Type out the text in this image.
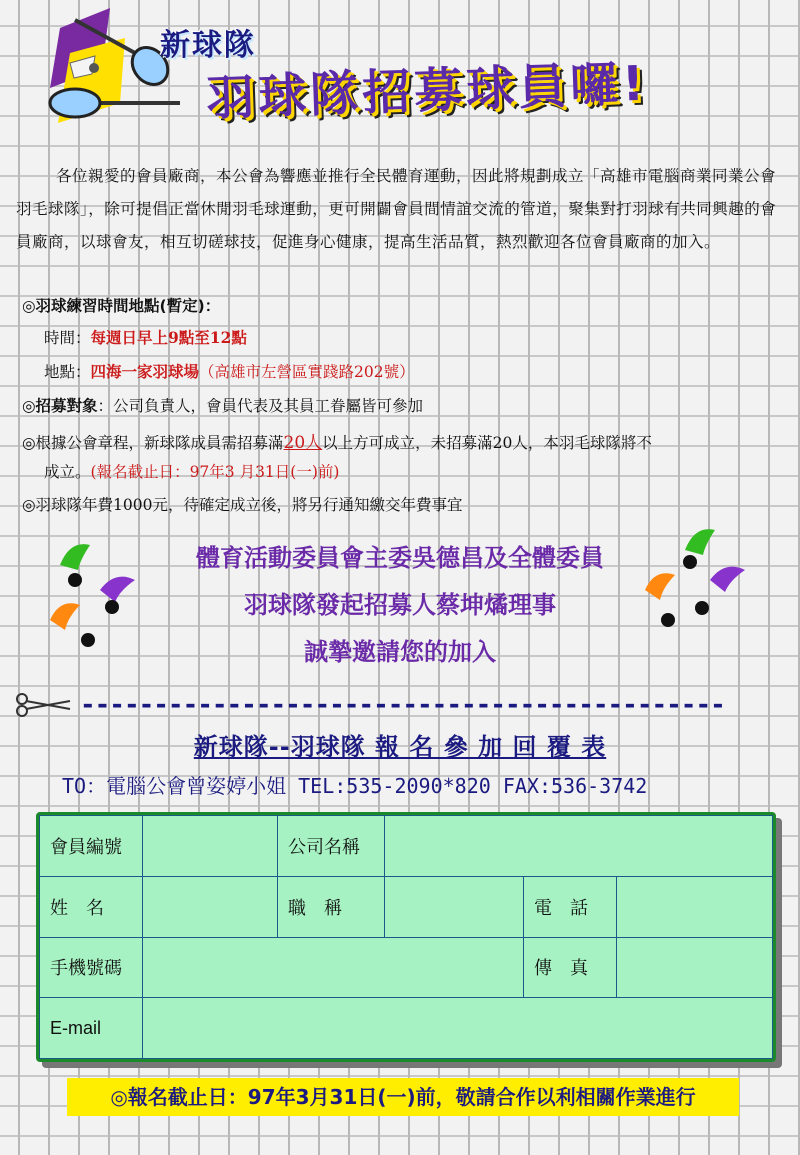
新球隊
羽球隊招募球員囉!
各位親愛的會員廠商，本公會為響應並推行全民體育運動，因此將規劃成立「高雄市電腦商業同業公會羽毛球隊」，除可提倡正當休閒羽毛球運動，更可開闢會員間情誼交流的管道，聚集對打羽球有共同興趣的會員廠商，以球會友，相互切磋球技，促進身心健康，提高生活品質，熱烈歡迎各位會員廠商的加入。
◎羽球練習時間地點(暫定)：
時間：每週日早上9點至12點
地點：四海一家羽球場（高雄市左營區實踐路202號）
◎招募對象：公司負責人，會員代表及其員工眷屬皆可參加
◎根據公會章程，新球隊成員需招募滿20人以上方可成立，未招募滿20人，本羽毛球隊將不
成立。(報名截止日：97年3 月31日(一)前)
◎羽球隊年費1000元，待確定成立後，將另行通知繳交年費事宜
體育活動委員會主委吳德昌及全體委員
羽球隊發起招募人蔡坤燏理事
誠摯邀請您的加入
--------------------------------------------
新球隊--羽球隊 報 名 參 加 回 覆 表
TO：電腦公會曾姿婷小姐 TEL:535-2090*820 FAX:536-3742
會員編號		公司名稱			
姓　名		職　稱		電　話	
手機號碼				傳　真	
E-mail					
◎報名截止日：97年3月31日(一)前，敬請合作以利相關作業進行
